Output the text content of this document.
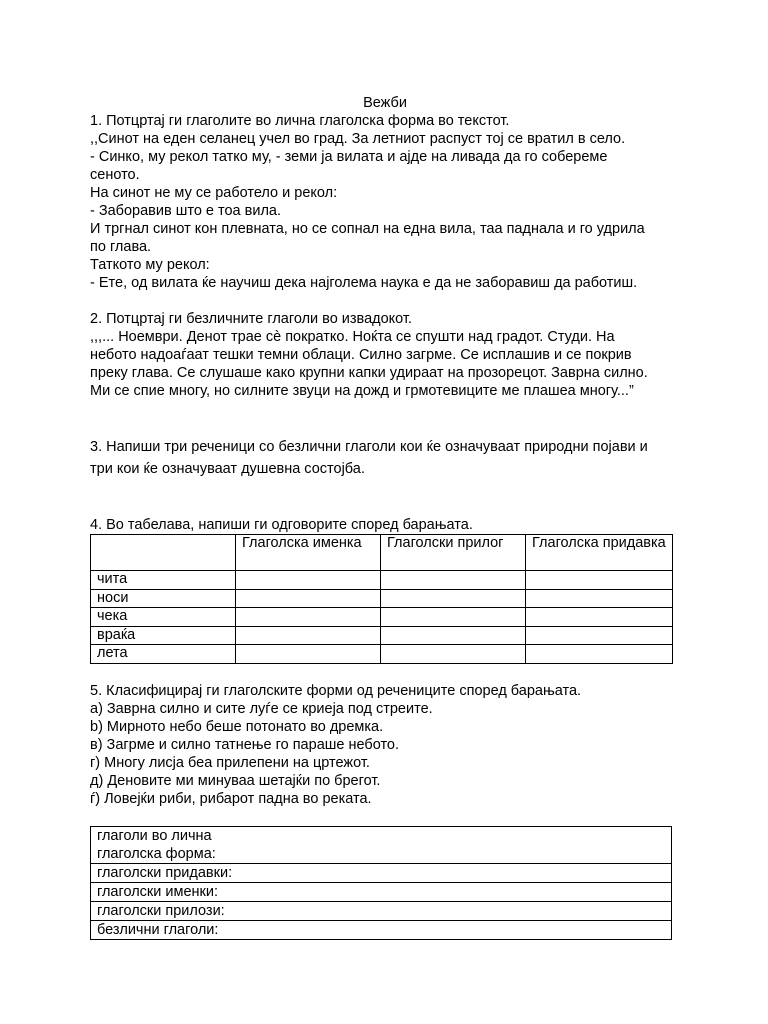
Вежби
1. Потцртај ги глаголите во лична глаголска форма во текстот.
,,Синот на еден селанец учел во град. За летниот распуст тој се вратил в село.
- Синко, му рекол татко му, - земи ја вилата и ајде на ливада да го собереме
сеното.
На синот не му се работело и рекол:
- Заборавив што е тоа вила.
И тргнал синот кон плевната, но се сопнал на една вила, таа паднала и го удрила
по глава.
Таткото му рекол:
- Ете, од вилата ќе научиш дека најголема наука е да не заборавиш да работиш.
2. Потцртај ги безличните глаголи во извадокот.
,,,... Ноември. Денот трае сè пократко. Ноќта се спушти над градот. Студи. На
небото надоаѓаат тешки темни облаци. Силно загрме. Се исплашив и се покрив
преку глава. Се слушаше како крупни капки удираат на прозорецот. Заврна силно.
Ми се спие многу, но силните звуци на дожд и грмотевиците ме плашеа многу...”
3. Напиши три реченици со безлични глаголи кои ќе означуваат природни појави и
три кои ќе означуваат душевна состојба.
4. Во табелава, напиши ги одговорите според барањата.
	Глаголска именка	Глаголски прилог	Глаголска придавка
чита			
носи			
чека			
враќа			
лета			
5. Класифицирај ги глаголските форми од речениците според барањата.
а) Заврна силно и сите луѓе се криеја под стреите.
b) Мирното небо беше потонато во дремка.
в) Загрме и силно татнење го параше небото.
г) Многу лисја беа прилепени на цртежот.
д) Деновите ми минуваа шетајќи по брегот.
ѓ) Ловејќи риби, рибарот падна во реката.
глаголи во лична
глаголска форма:
глаголски придавки:
глаголски именки:
глаголски прилози:
безлични глаголи:
